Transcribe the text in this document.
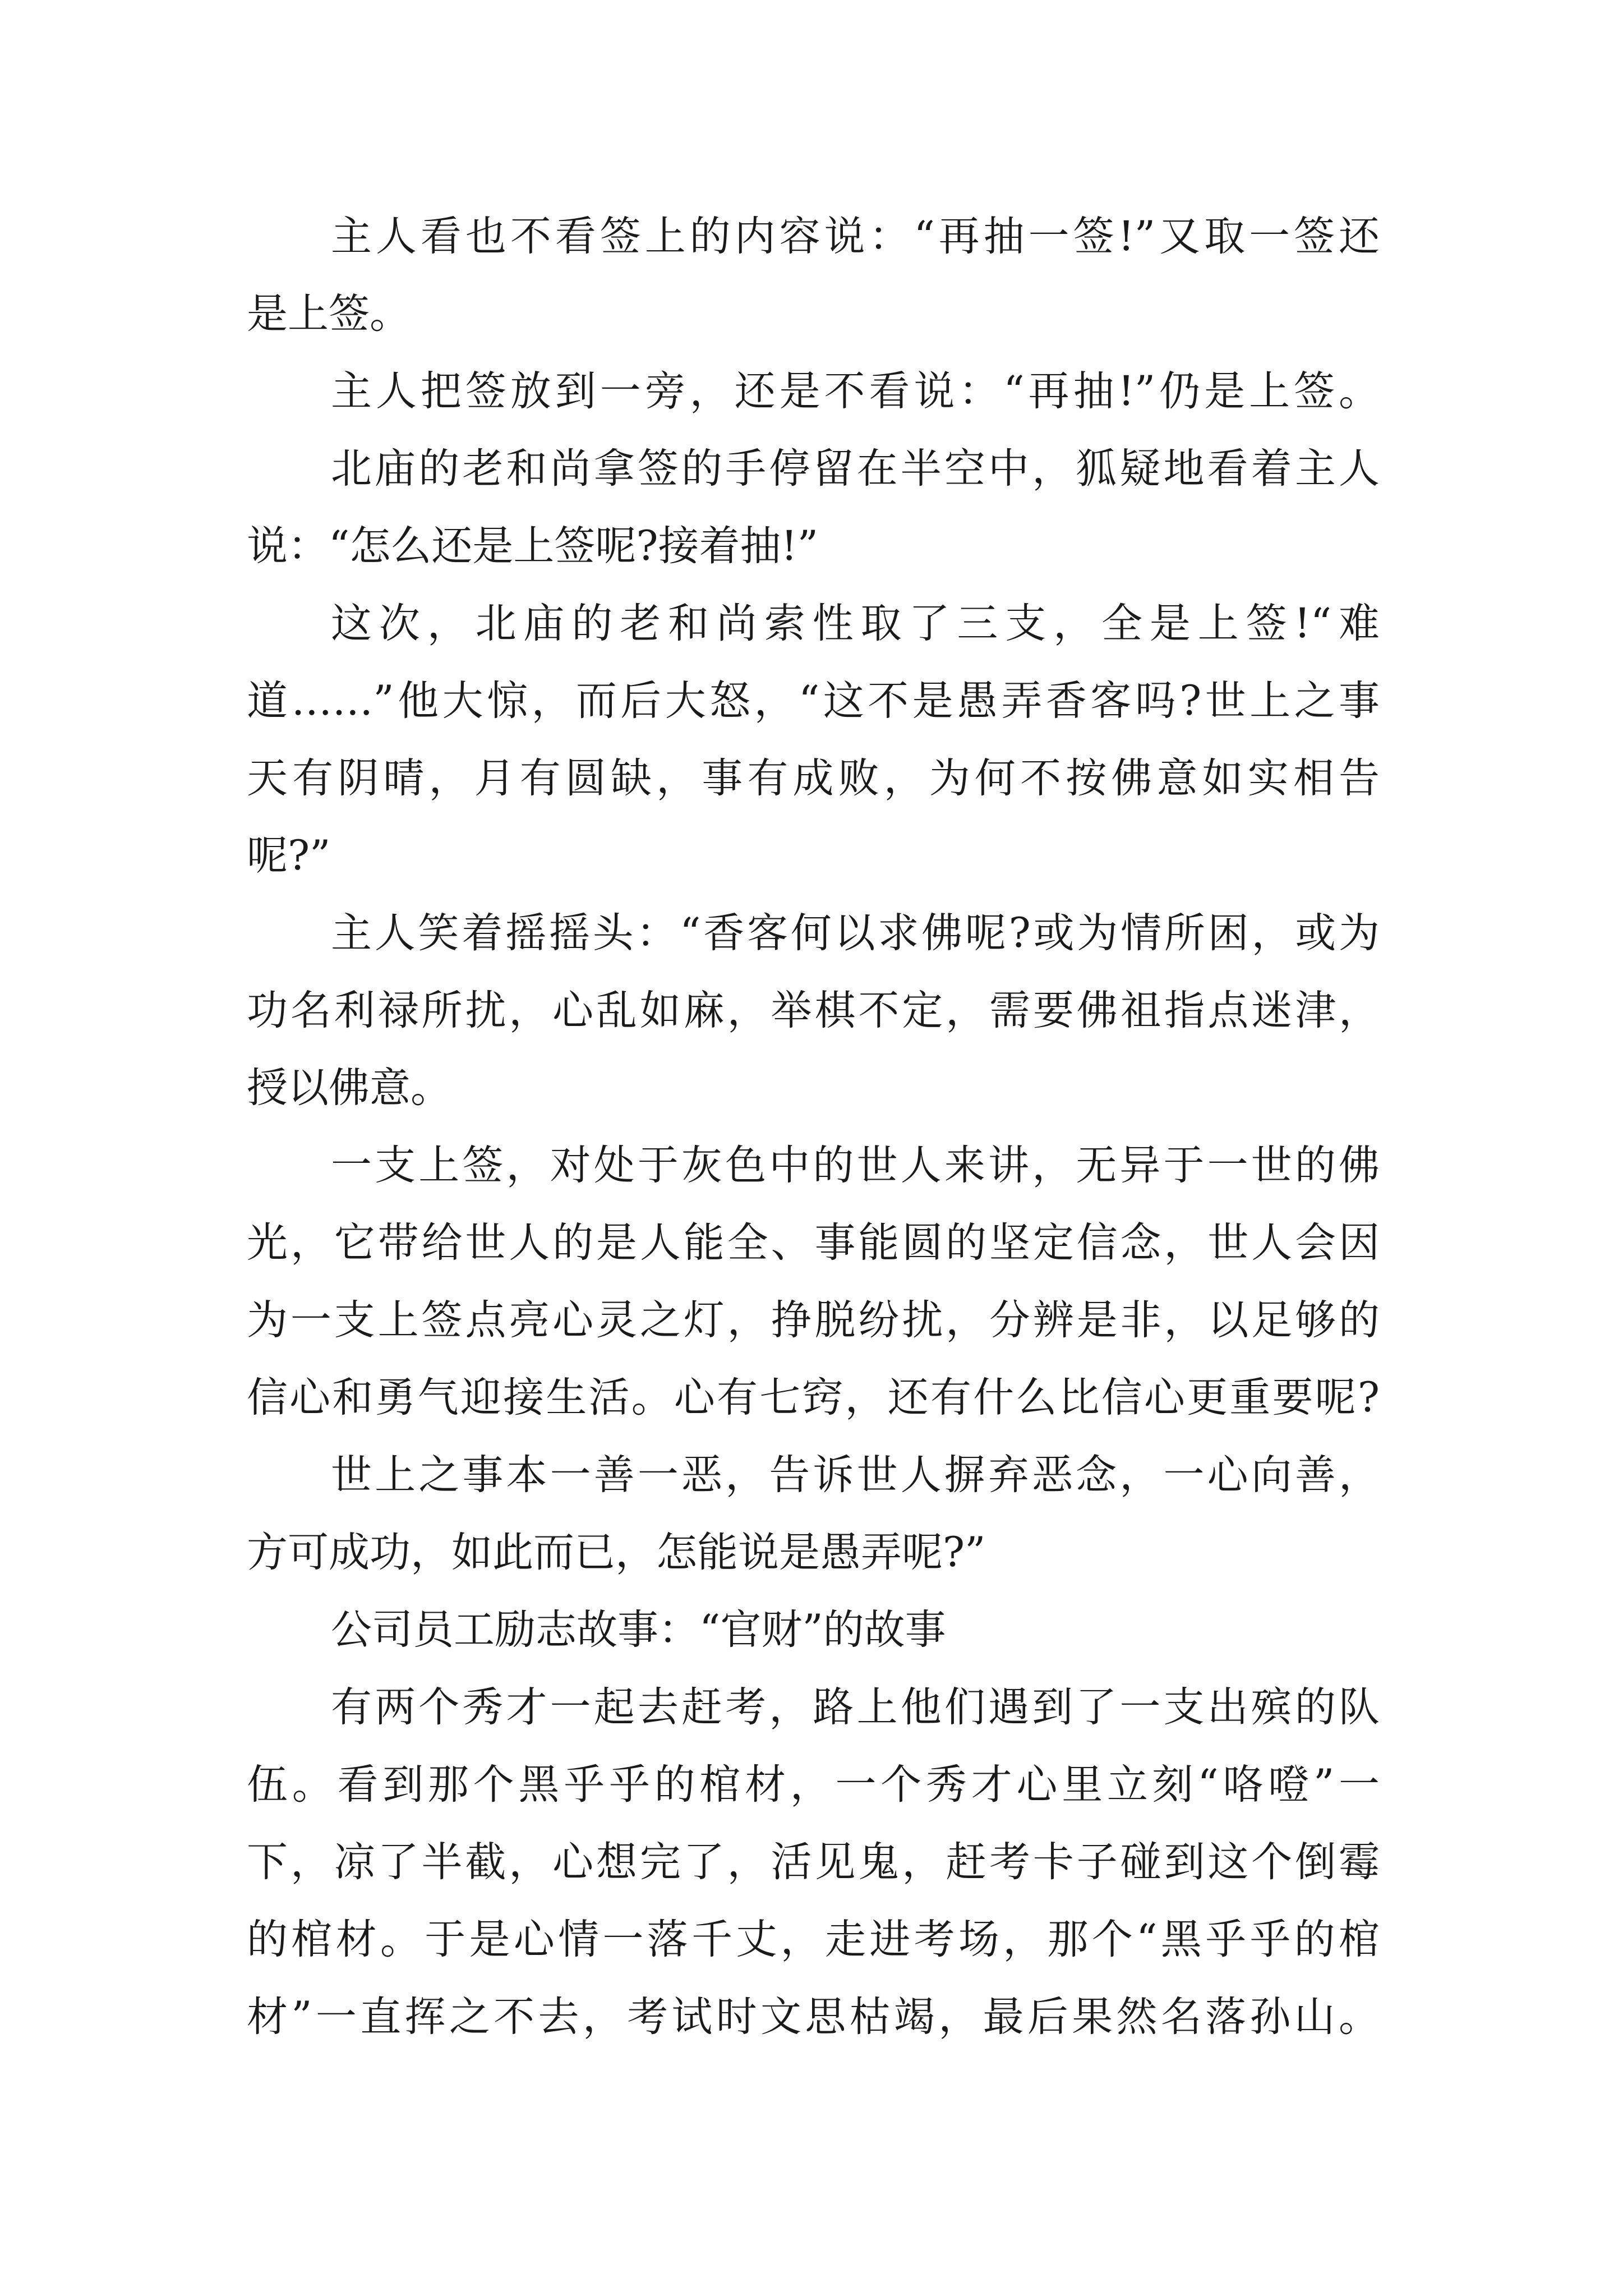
主人看也不看签上的内容说：“再抽一签!”又取一签还

是上签。

主人把签放到一旁，还是不看说：“再抽!”仍是上签。

北庙的老和尚拿签的手停留在半空中，狐疑地看着主人

说：“怎么还是上签呢?接着抽!”

这次，北庙的老和尚索性取了三支，全是上签!“难

道……”他大惊，而后大怒，“这不是愚弄香客吗?世上之事

天有阴晴，月有圆缺，事有成败，为何不按佛意如实相告

呢?”

主人笑着摇摇头：“香客何以求佛呢?或为情所困，或为

功名利禄所扰，心乱如麻，举棋不定，需要佛祖指点迷津，

授以佛意。

一支上签，对处于灰色中的世人来讲，无异于一世的佛

光，它带给世人的是人能全、事能圆的坚定信念，世人会因

为一支上签点亮心灵之灯，挣脱纷扰，分辨是非，以足够的

信心和勇气迎接生活。心有七窍，还有什么比信心更重要呢?

世上之事本一善一恶，告诉世人摒弃恶念，一心向善，

方可成功，如此而已，怎能说是愚弄呢?”

公司员工励志故事：“官财”的故事

有两个秀才一起去赶考，路上他们遇到了一支出殡的队

伍。看到那个黑乎乎的棺材，一个秀才心里立刻“咯噔”一

下，凉了半截，心想完了，活见鬼，赶考卡子碰到这个倒霉

的棺材。于是心情一落千丈，走进考场，那个“黑乎乎的棺

材”一直挥之不去，考试时文思枯竭，最后果然名落孙山。
